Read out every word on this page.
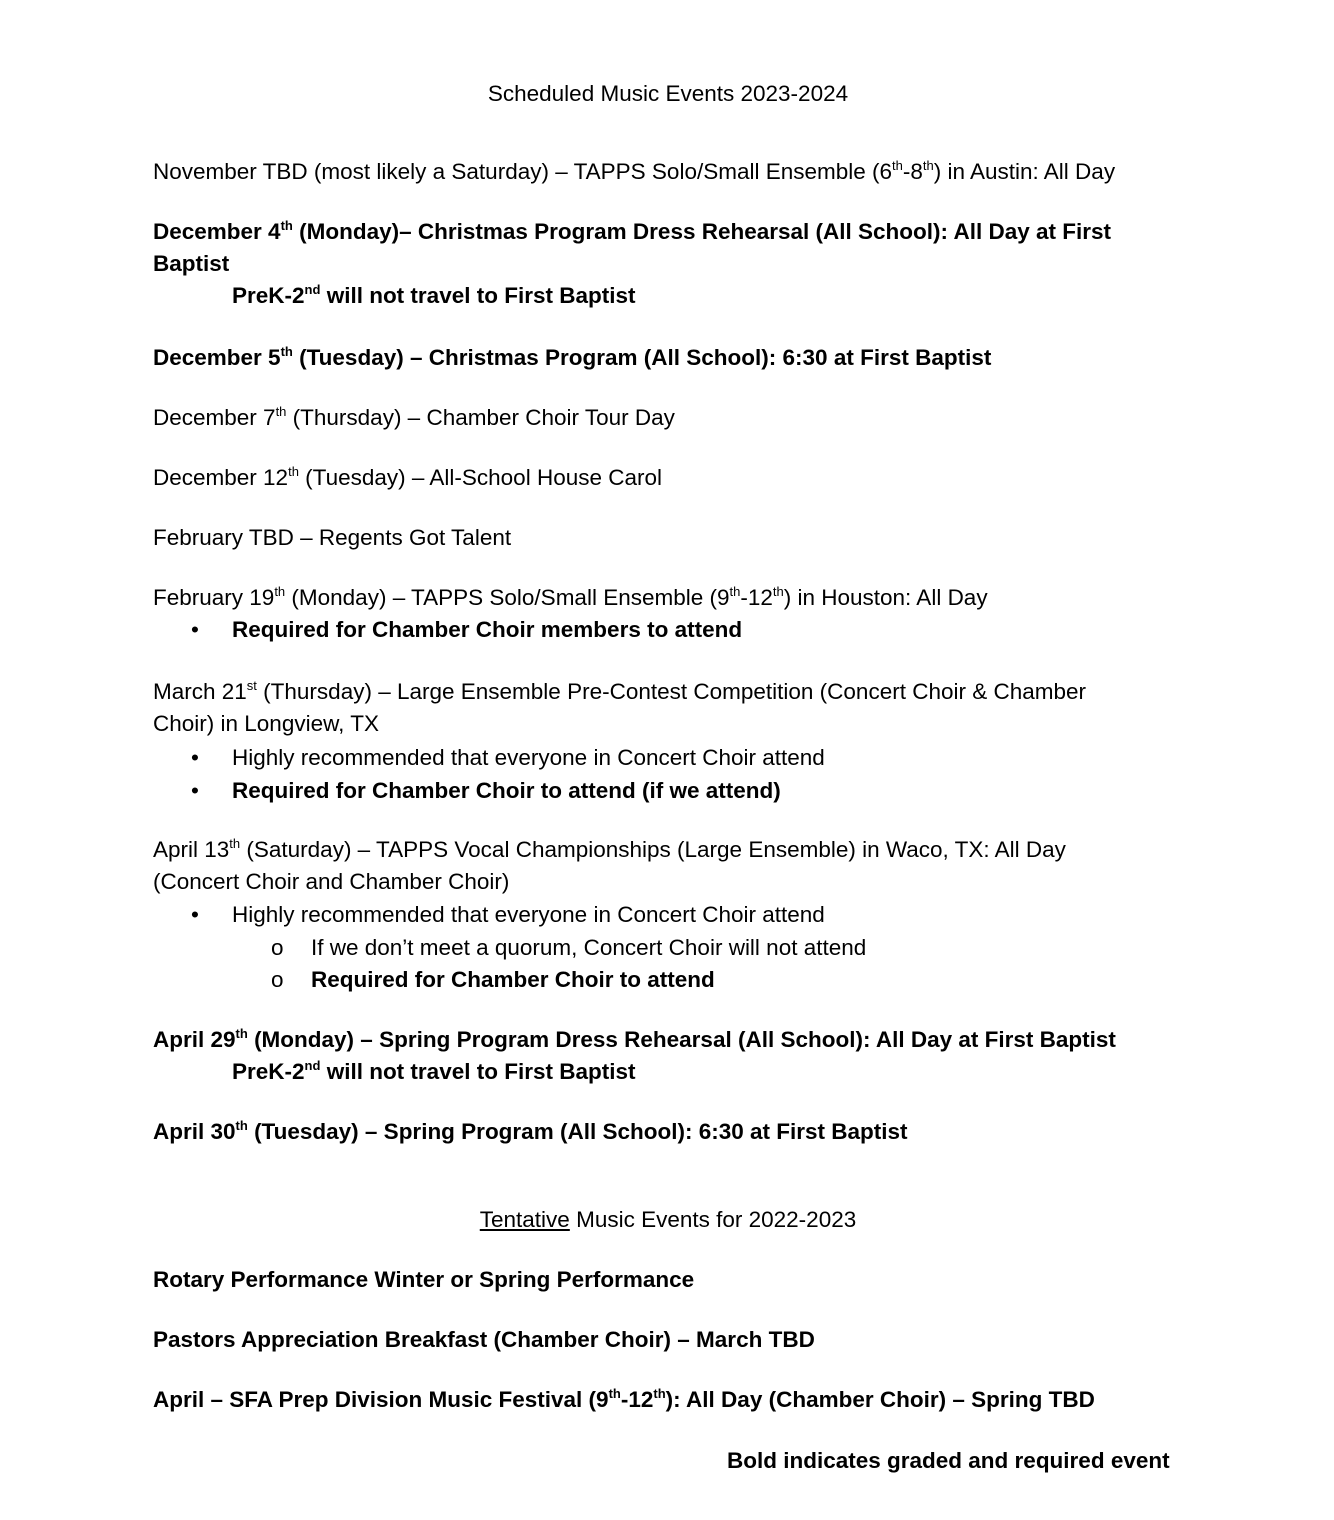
Scheduled Music Events 2023-2024

November TBD (most likely a Saturday) – TAPPS Solo/Small Ensemble (6th-8th) in Austin: All Day

December 4th (Monday)– Christmas Program Dress Rehearsal (All School): All Day at First

Baptist

PreK-2nd will not travel to First Baptist

December 5th (Tuesday) – Christmas Program (All School): 6:30 at First Baptist

December 7th (Thursday) – Chamber Choir Tour Day

December 12th (Tuesday) – All-School House Carol

February TBD – Regents Got Talent

February 19th (Monday) – TAPPS Solo/Small Ensemble (9th-12th) in Houston: All Day

• Required for Chamber Choir members to attend

March 21st (Thursday) – Large Ensemble Pre-Contest Competition (Concert Choir & Chamber

Choir) in Longview, TX

• Highly recommended that everyone in Concert Choir attend
• Required for Chamber Choir to attend (if we attend)

April 13th (Saturday) – TAPPS Vocal Championships (Large Ensemble) in Waco, TX: All Day

(Concert Choir and Chamber Choir)

• Highly recommended that everyone in Concert Choir attend
o If we don’t meet a quorum, Concert Choir will not attend
o Required for Chamber Choir to attend

April 29th (Monday) – Spring Program Dress Rehearsal (All School): All Day at First Baptist

PreK-2nd will not travel to First Baptist

April 30th (Tuesday) – Spring Program (All School): 6:30 at First Baptist

Tentative Music Events for 2022-2023

Rotary Performance Winter or Spring Performance

Pastors Appreciation Breakfast (Chamber Choir) – March TBD

April – SFA Prep Division Music Festival (9th-12th): All Day (Chamber Choir) – Spring TBD

Bold indicates graded and required event
